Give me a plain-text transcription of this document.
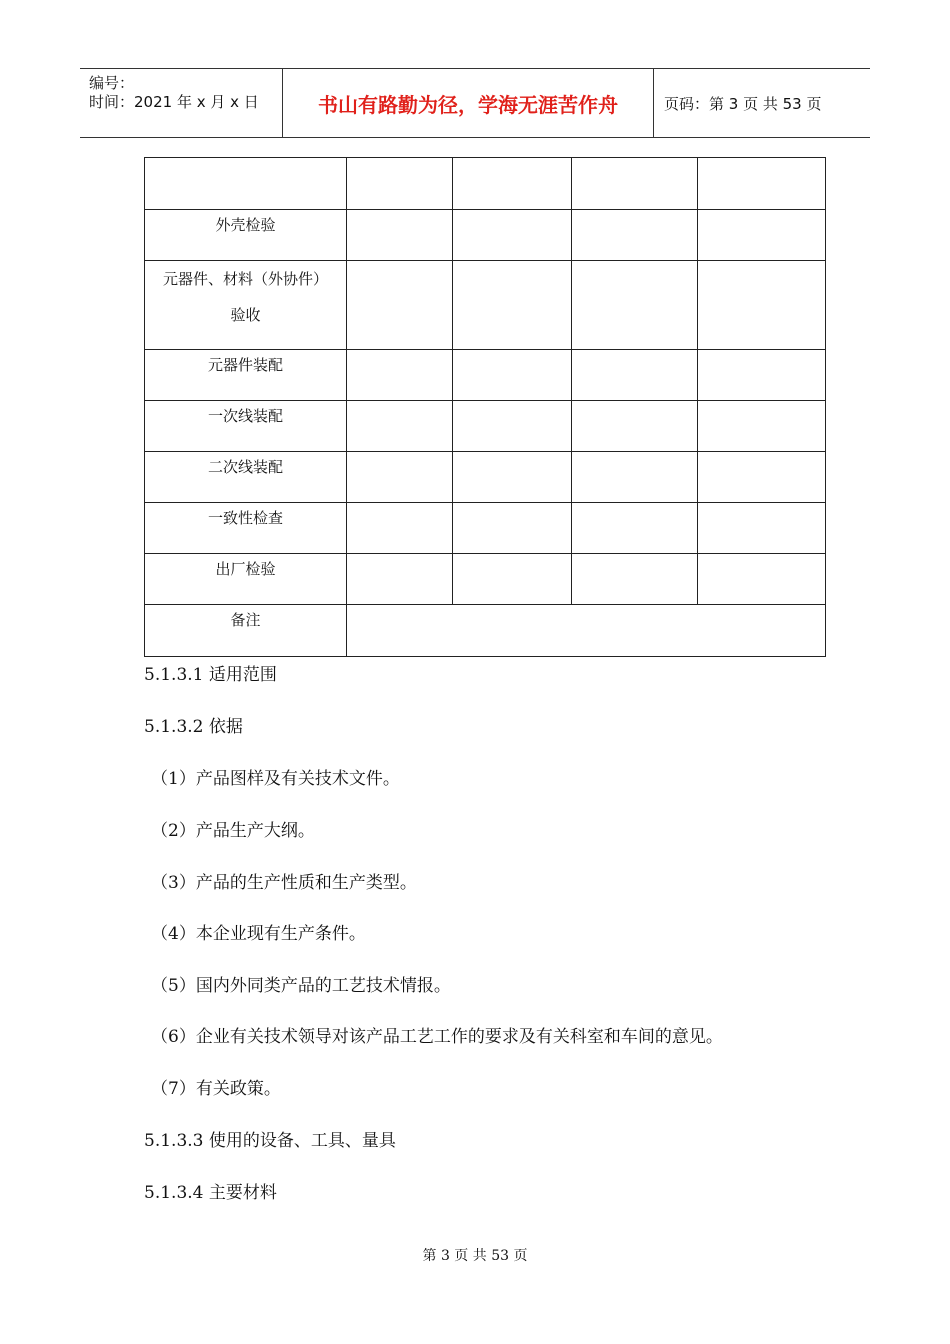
编号：
时间：2021 年 x 月 x 日	书山有路勤为径，学海无涯苦作舟	页码：第 3 页 共 53 页

外壳检验				

元器件、材料（外协件）
验收				

元器件装配				

一次线装配				

二次线装配				

一致性检查				

出厂检验				

备注				

5.1.3.1 适用范围
5.1.3.2 依据
（1）产品图样及有关技术文件。
（2）产品生产大纲。
（3）产品的生产性质和生产类型。
（4）本企业现有生产条件。
（5）国内外同类产品的工艺技术情报。
（6）企业有关技术领导对该产品工艺工作的要求及有关科室和车间的意见。
（7）有关政策。
5.1.3.3 使用的设备、工具、量具
5.1.3.4 主要材料
第 3 页 共 53 页
